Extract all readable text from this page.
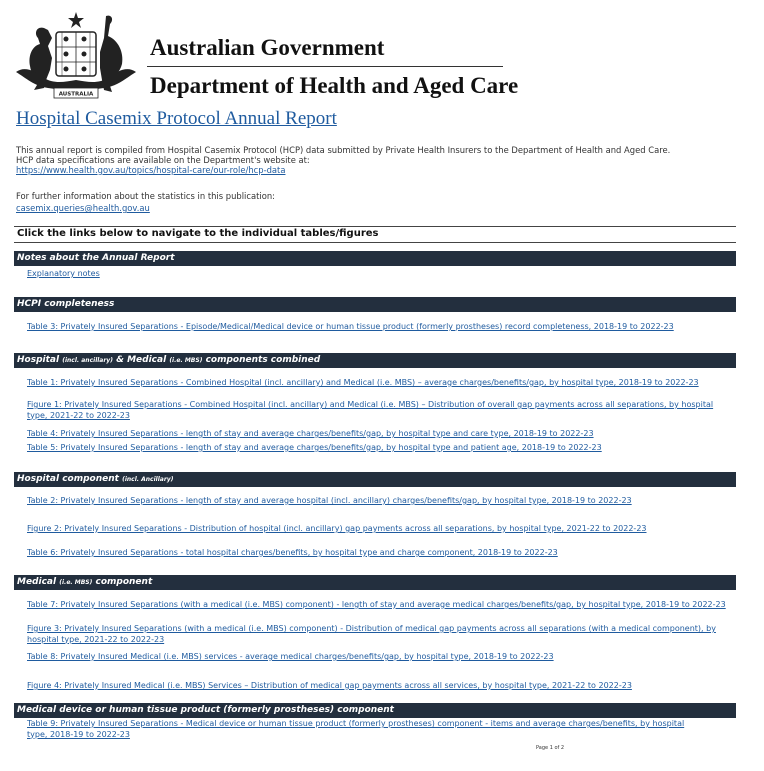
AUSTRALIA
Australian Government
Department of Health and Aged Care
Hospital Casemix Protocol Annual Report
This annual report is compiled from Hospital Casemix Protocol (HCP) data submitted by Private Health Insurers to the Department of Health and Aged Care.
HCP data specifications are available on the Department's website at:
https://www.health.gov.au/topics/hospital-care/our-role/hcp-data
For further information about the statistics in this publication:
casemix.queries@health.gov.au
Click the links below to navigate to the individual tables/figures
Notes about the Annual Report
Explanatory notes
HCPI completeness
Table 3: Privately Insured Separations - Episode/Medical/Medical device or human tissue product (formerly prostheses) record completeness, 2018-19 to 2022-23
Hospital (incl. ancillary) & Medical (i.e. MBS) components combined
Table 1: Privately Insured Separations - Combined Hospital (incl. ancillary) and Medical (i.e. MBS) – average charges/benefits/gap, by hospital type, 2018-19 to 2022-23
Figure 1: Privately Insured Separations - Combined Hospital (incl. ancillary) and Medical (i.e. MBS) – Distribution of overall gap payments across all separations, by hospital type, 2021-22 to 2022-23
Table 4: Privately Insured Separations - length of stay and average charges/benefits/gap, by hospital type and care type, 2018-19 to 2022-23
Table 5: Privately Insured Separations - length of stay and average charges/benefits/gap, by hospital type and patient age, 2018-19 to 2022-23
Hospital component (incl. Ancillary)
Table 2: Privately Insured Separations - length of stay and average hospital (incl. ancillary) charges/benefits/gap, by hospital type, 2018-19 to 2022-23
Figure 2: Privately Insured Separations - Distribution of hospital (incl. ancillary) gap payments across all separations, by hospital type, 2021-22 to 2022-23
Table 6: Privately Insured Separations - total hospital charges/benefits, by hospital type and charge component, 2018-19 to 2022-23
Medical (i.e. MBS) component
Table 7: Privately Insured Separations (with a medical (i.e. MBS) component) - length of stay and average medical charges/benefits/gap, by hospital type, 2018-19 to 2022-23
Figure 3: Privately Insured Separations (with a medical (i.e. MBS) component) - Distribution of medical gap payments across all separations (with a medical component), by hospital type, 2021-22 to 2022-23
Table 8: Privately Insured Medical (i.e. MBS) services - average medical charges/benefits/gap, by hospital type, 2018-19 to 2022-23
Figure 4: Privately Insured Medical (i.e. MBS) Services – Distribution of medical gap payments across all services, by hospital type, 2021-22 to 2022-23
Medical device or human tissue product (formerly prostheses) component
Table 9: Privately Insured Separations - Medical device or human tissue product (formerly prostheses) component - items and average charges/benefits, by hospital type, 2018-19 to 2022-23
Page 1 of 2
